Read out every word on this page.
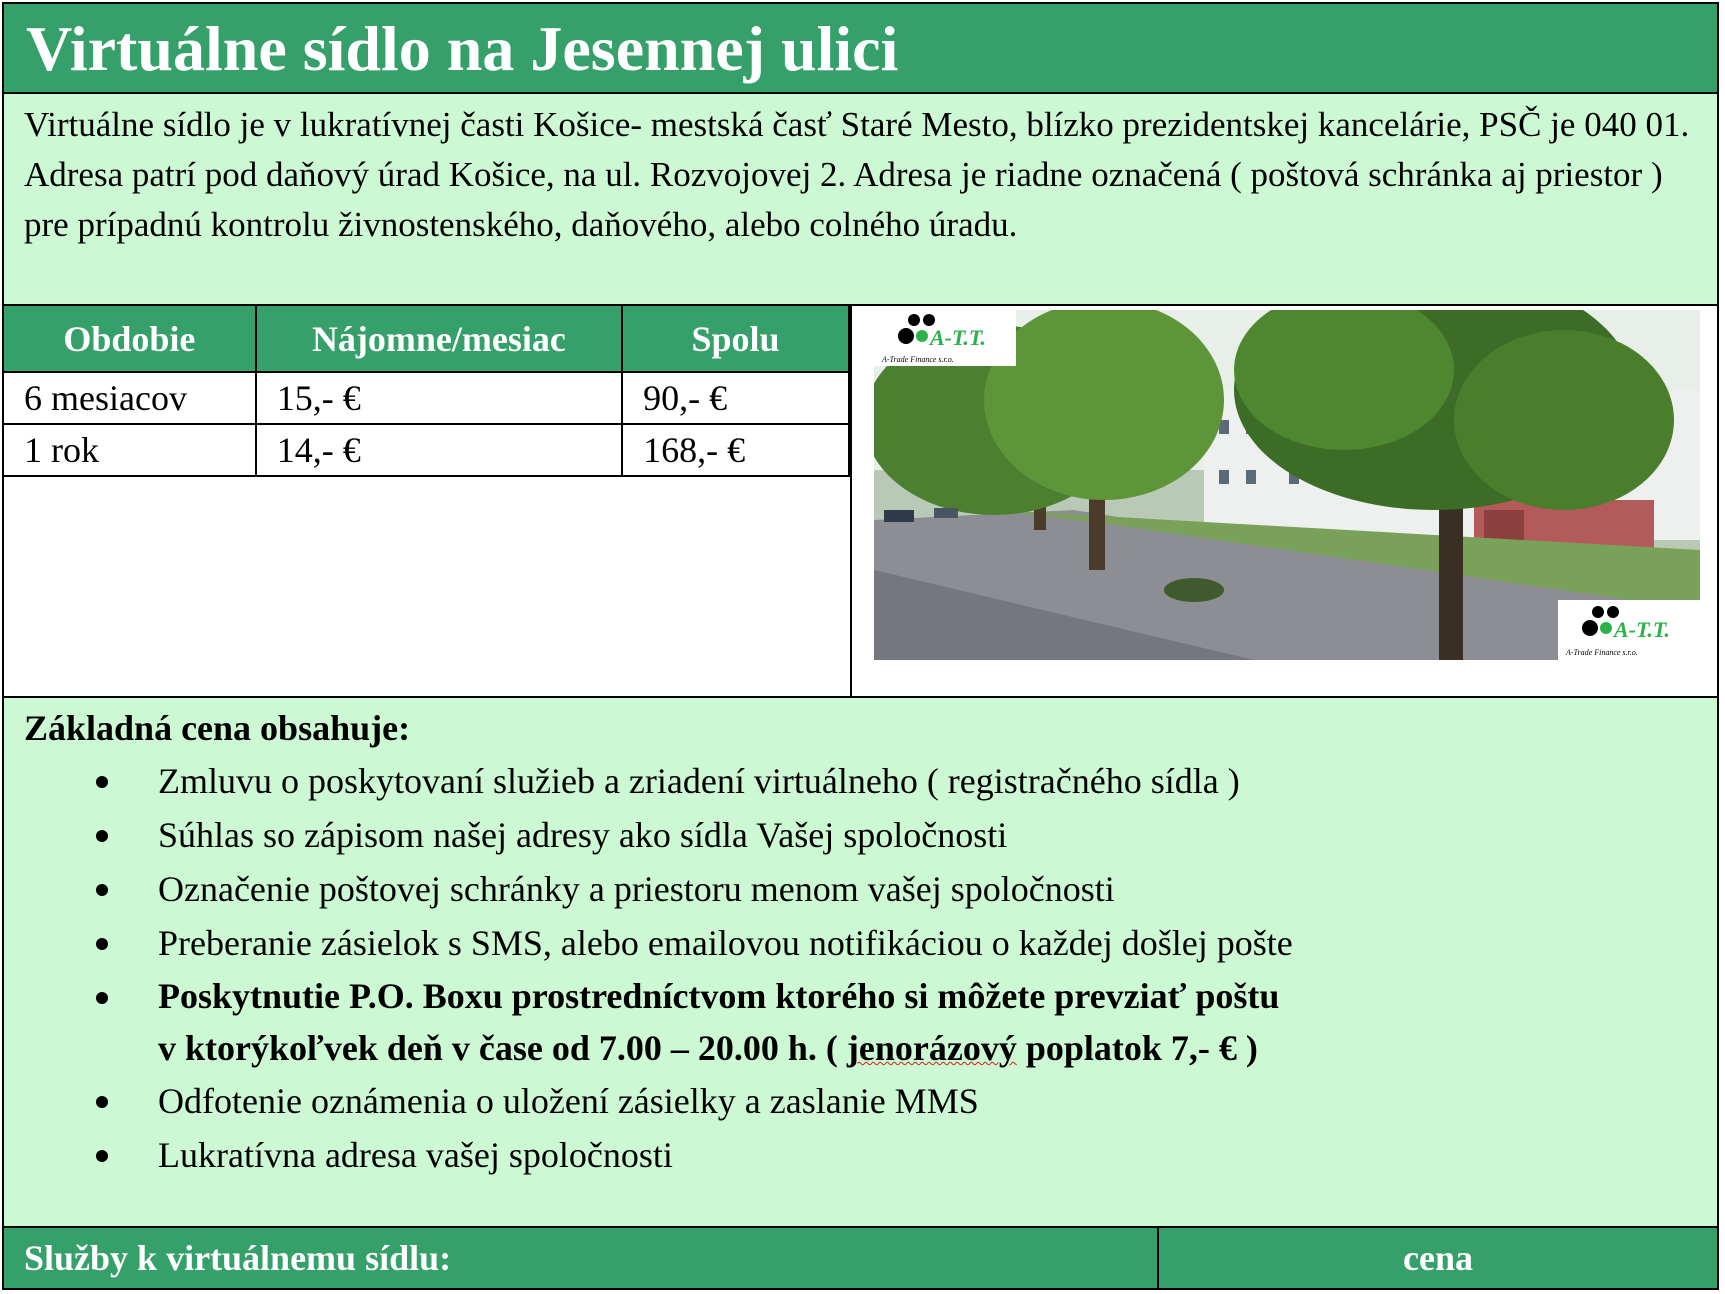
Virtuálne sídlo na Jesennej ulici
Virtuálne sídlo je v lukratívnej časti Košice- mestská časť Staré Mesto, blízko prezidentskej kancelárie, PSČ je 040 01. Adresa patrí pod daňový úrad Košice, na ul. Rozvojovej 2. Adresa je riadne označená ( poštová schránka aj priestor ) pre prípadnú kontrolu živnostenského, daňového, alebo colného úradu.
Obdobie	Nájomne/mesiac	Spolu
6 mesiacov	15,- €	90,- €
1 rok	14,- €	168,- €
A-T.T.
A-Trade Finance s.r.o.
A-T.T.
A-Trade Finance s.r.o.
Základná cena obsahuje:
Zmluvu o poskytovaní služieb a zriadení virtuálneho ( registračného sídla )
Súhlas so zápisom našej adresy ako sídla Vašej spoločnosti
Označenie poštovej schránky a priestoru menom vašej spoločnosti
Preberanie zásielok s SMS, alebo emailovou notifikáciou o každej došlej pošte
Poskytnutie P.O. Boxu prostredníctvom ktorého si môžete prevziať poštu
v ktorýkoľvek deň v čase od 7.00 – 20.00 h. ( jenorázový poplatok 7,- € )
Odfotenie oznámenia o uložení zásielky a zaslanie MMS
Lukratívna adresa vašej spoločnosti
Služby k virtuálnemu sídlu:	cena
